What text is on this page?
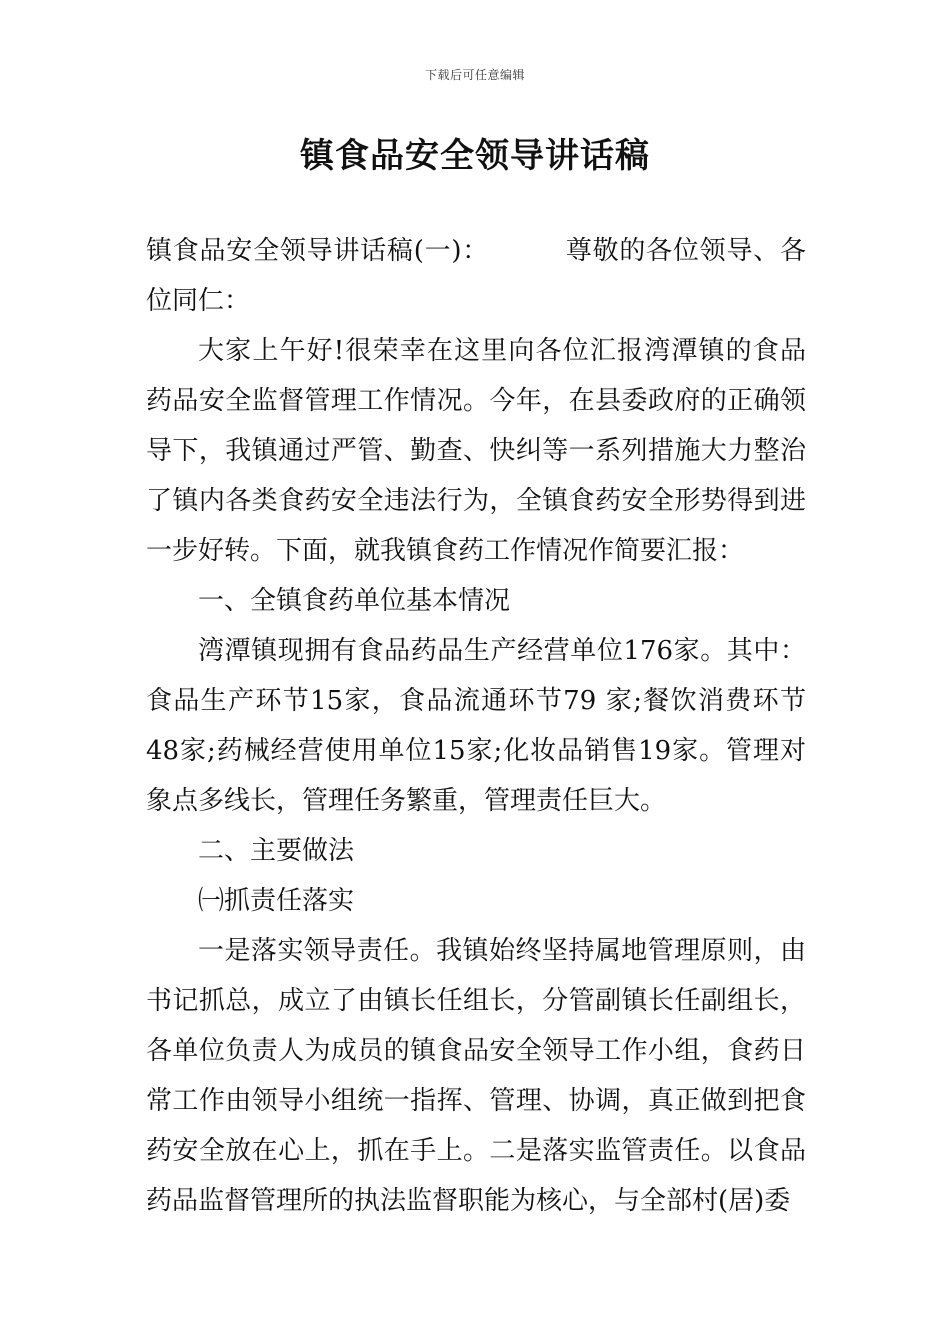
下载后可任意编辑
镇食品安全领导讲话稿

镇食品安全领导讲话稿(一)：	尊敬的各位领导、各位同仁：

大家上午好!很荣幸在这里向各位汇报湾潭镇的食品药品安全监督管理工作情况。今年，在县委政府的正确领导下，我镇通过严管、勤查、快纠等一系列措施大力整治了镇内各类食药安全违法行为，全镇食药安全形势得到进一步好转。下面，就我镇食药工作情况作简要汇报：

一、全镇食药单位基本情况

湾潭镇现拥有食品药品生产经营单位176家。其中：食品生产环节15家，食品流通环节79 家;餐饮消费环节48家;药械经营使用单位15家;化妆品销售19家。管理对象点多线长，管理任务繁重，管理责任巨大。

二、主要做法

㈠抓责任落实

一是落实领导责任。我镇始终坚持属地管理原则，由书记抓总，成立了由镇长任组长，分管副镇长任副组长，各单位负责人为成员的镇食品安全领导工作小组，食药日常工作由领导小组统一指挥、管理、协调，真正做到把食药安全放在心上，抓在手上。二是落实监管责任。以食品药品监督管理所的执法监督职能为核心，与全部村(居)委
